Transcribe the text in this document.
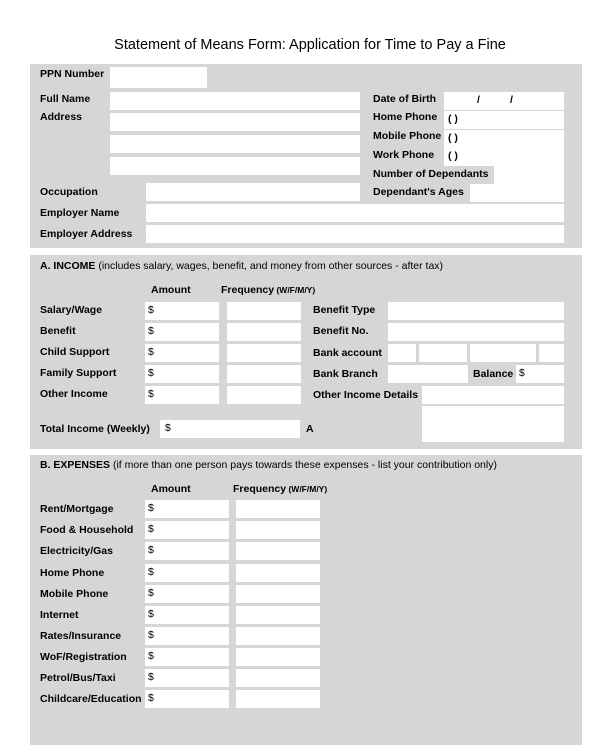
Statement of Means Form: Application for Time to Pay a Fine
PPN Number
Full Name
Address
Occupation
Employer Name
Employer Address
Date of Birth	/	/
Home Phone ( )
Mobile Phone ( )
Work Phone ( )
Number of Dependants
Dependant's Ages
A. INCOME (includes salary, wages, benefit, and money from other sources - after tax)
Amount	Frequency (W/F/M/Y)
Salary/Wage	$
Benefit	$
Child Support	$
Family Support	$
Other Income	$
Total Income (Weekly) $	A
Benefit Type
Benefit No.
Bank account
Bank Branch	Balance $
Other Income Details
B. EXPENSES (if more than one person pays towards these expenses - list your contribution only)
Amount	Frequency (W/F/M/Y)
Rent/Mortgage	$
Food & Household $
Electricity/Gas	$
Home Phone	$
Mobile Phone	$
Internet	$
Rates/Insurance	$
WoF/Registration $
Petrol/Bus/Taxi	$
Childcare/Education $
